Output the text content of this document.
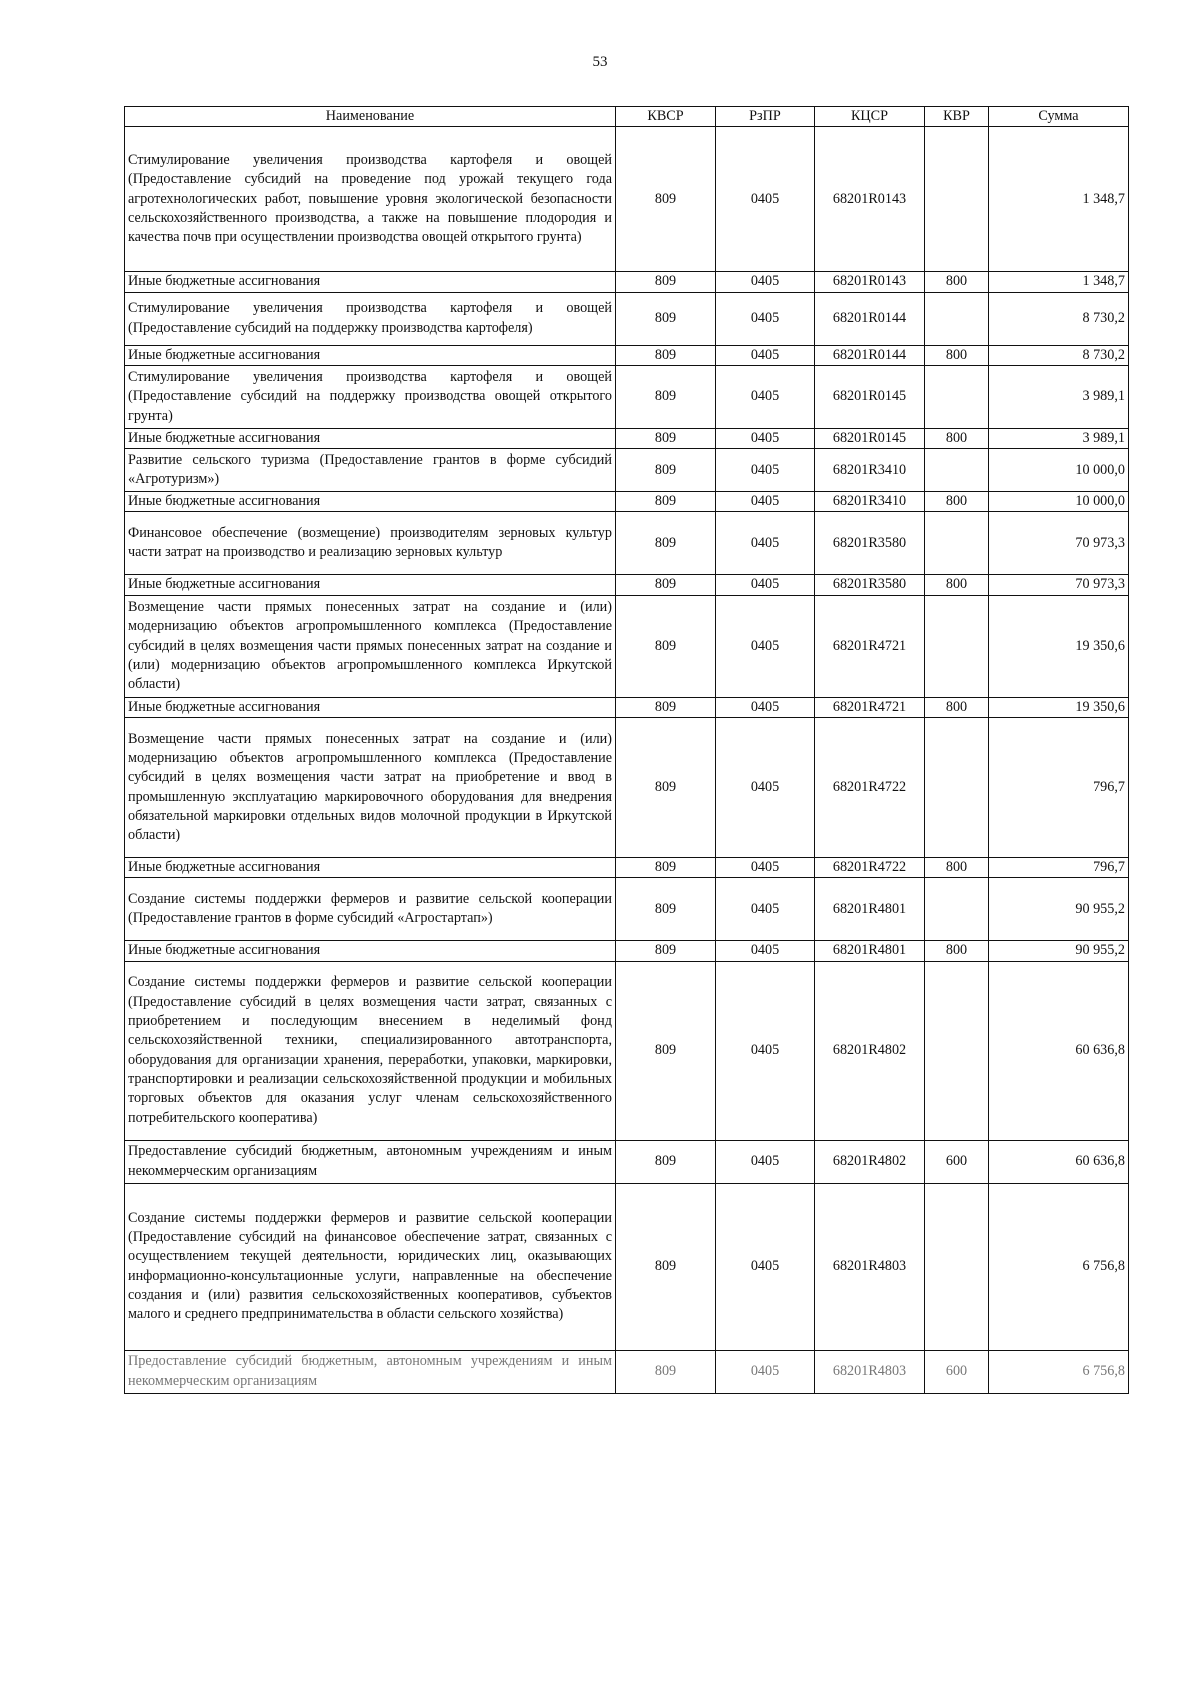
53
Наименование	КВСР	РзПР	КЦСР	КВР	Сумма
Стимулирование увеличения производства картофеля и овощей (Предоставление субсидий на проведение под урожай текущего года агротехнологических работ, повышение уровня экологической безопасности сельскохозяйственного производства, а также на повышение плодородия и качества почв при осуществлении производства овощей открытого грунта)	809	0405	68201R0143		1 348,7
Иные бюджетные ассигнования	809	0405	68201R0143	800	1 348,7
Стимулирование увеличения производства картофеля и овощей (Предоставление субсидий на поддержку производства картофеля)	809	0405	68201R0144		8 730,2
Иные бюджетные ассигнования	809	0405	68201R0144	800	8 730,2
Стимулирование увеличения производства картофеля и овощей (Предоставление субсидий на поддержку производства овощей открытого грунта)	809	0405	68201R0145		3 989,1
Иные бюджетные ассигнования	809	0405	68201R0145	800	3 989,1
Развитие сельского туризма (Предоставление грантов в форме субсидий «Агротуризм»)	809	0405	68201R3410		10 000,0
Иные бюджетные ассигнования	809	0405	68201R3410	800	10 000,0
Финансовое обеспечение (возмещение) производителям зерновых культур части затрат на производство и реализацию зерновых культур	809	0405	68201R3580		70 973,3
Иные бюджетные ассигнования	809	0405	68201R3580	800	70 973,3
Возмещение части прямых понесенных затрат на создание и (или) модернизацию объектов агропромышленного комплекса (Предоставление субсидий в целях возмещения части прямых понесенных затрат на создание и (или) модернизацию объектов агропромышленного комплекса Иркутской области)	809	0405	68201R4721		19 350,6
Иные бюджетные ассигнования	809	0405	68201R4721	800	19 350,6
Возмещение части прямых понесенных затрат на создание и (или) модернизацию объектов агропромышленного комплекса (Предоставление субсидий в целях возмещения части затрат на приобретение и ввод в промышленную эксплуатацию маркировочного оборудования для внедрения обязательной маркировки отдельных видов молочной продукции в Иркутской области)	809	0405	68201R4722		796,7
Иные бюджетные ассигнования	809	0405	68201R4722	800	796,7
Создание системы поддержки фермеров и развитие сельской кооперации (Предоставление грантов в форме субсидий «Агростартап»)	809	0405	68201R4801		90 955,2
Иные бюджетные ассигнования	809	0405	68201R4801	800	90 955,2
Создание системы поддержки фермеров и развитие сельской кооперации (Предоставление субсидий в целях возмещения части затрат, связанных с приобретением и последующим внесением в неделимый фонд сельскохозяйственной техники, специализированного автотранспорта, оборудования для организации хранения, переработки, упаковки, маркировки, транспортировки и реализации сельскохозяйственной продукции и мобильных торговых объектов для оказания услуг членам сельскохозяйственного потребительского кооператива)	809	0405	68201R4802		60 636,8
Предоставление субсидий бюджетным, автономным учреждениям и иным некоммерческим организациям	809	0405	68201R4802	600	60 636,8
Создание системы поддержки фермеров и развитие сельской кооперации (Предоставление субсидий на финансовое обеспечение затрат, связанных с осуществлением текущей деятельности, юридических лиц, оказывающих информационно-консультационные услуги, направленные на обеспечение создания и (или) развития сельскохозяйственных кооперативов, субъектов малого и среднего предпринимательства в области сельского хозяйства)	809	0405	68201R4803		6 756,8
Предоставление субсидий бюджетным, автономным учреждениям и иным некоммерческим организациям	809	0405	68201R4803	600	6 756,8
